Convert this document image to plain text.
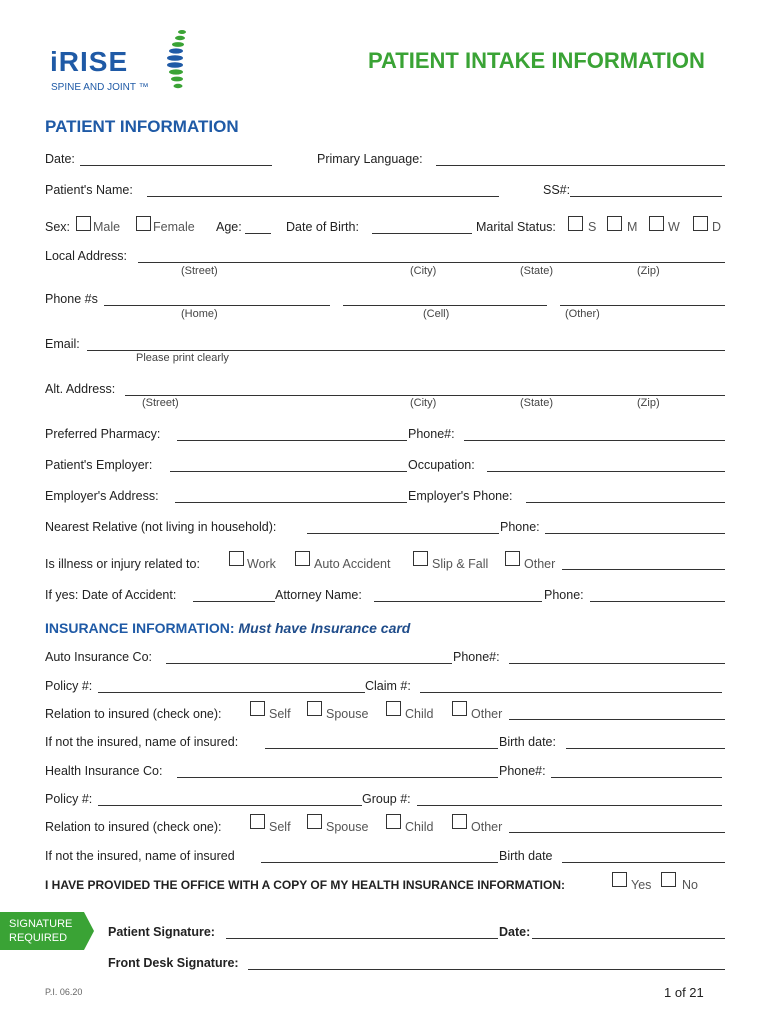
iRISE
SPINE AND JOINT ™
PATIENT INTAKE INFORMATION
PATIENT INFORMATION
Date:	Primary Language:
Patient's Name:	SS#:
Sex: Male	Female Age:	Date of Birth:	Marital Status:	S M W	D
Local Address:
(Street)	(City)	(State)	(Zip)
Phone #s
(Home)	(Cell)	(Other)
Email:
Please print clearly
Alt. Address:
(Street)	(City)	(State)	(Zip)
Preferred Pharmacy:	Phone#:
Patient's Employer:	Occupation:
Employer's Address:	Employer's Phone:
Nearest Relative (not living in household):	Phone:
Is illness or injury related to:	Work	Auto Accident	Slip & Fall	Other
If yes: Date of Accident:	Attorney Name:	Phone:
INSURANCE INFORMATION: Must have Insurance card
Auto Insurance Co:	Phone#:
Policy #:	Claim #:
Relation to insured (check one):	Self	Spouse	Child	Other
If not the insured, name of insured:	Birth date:
Health Insurance Co:	Phone#:
Policy #:	Group #:
Relation to insured (check one):	Self	Spouse	Child	Other
If not the insured, name of insured	Birth date
I HAVE PROVIDED THE OFFICE WITH A COPY OF MY HEALTH INSURANCE INFORMATION:	Yes No
SIGNATURE
REQUIRED	Patient Signature:	Date:
Front Desk Signature:
P.I. 06.20	1 of 21
